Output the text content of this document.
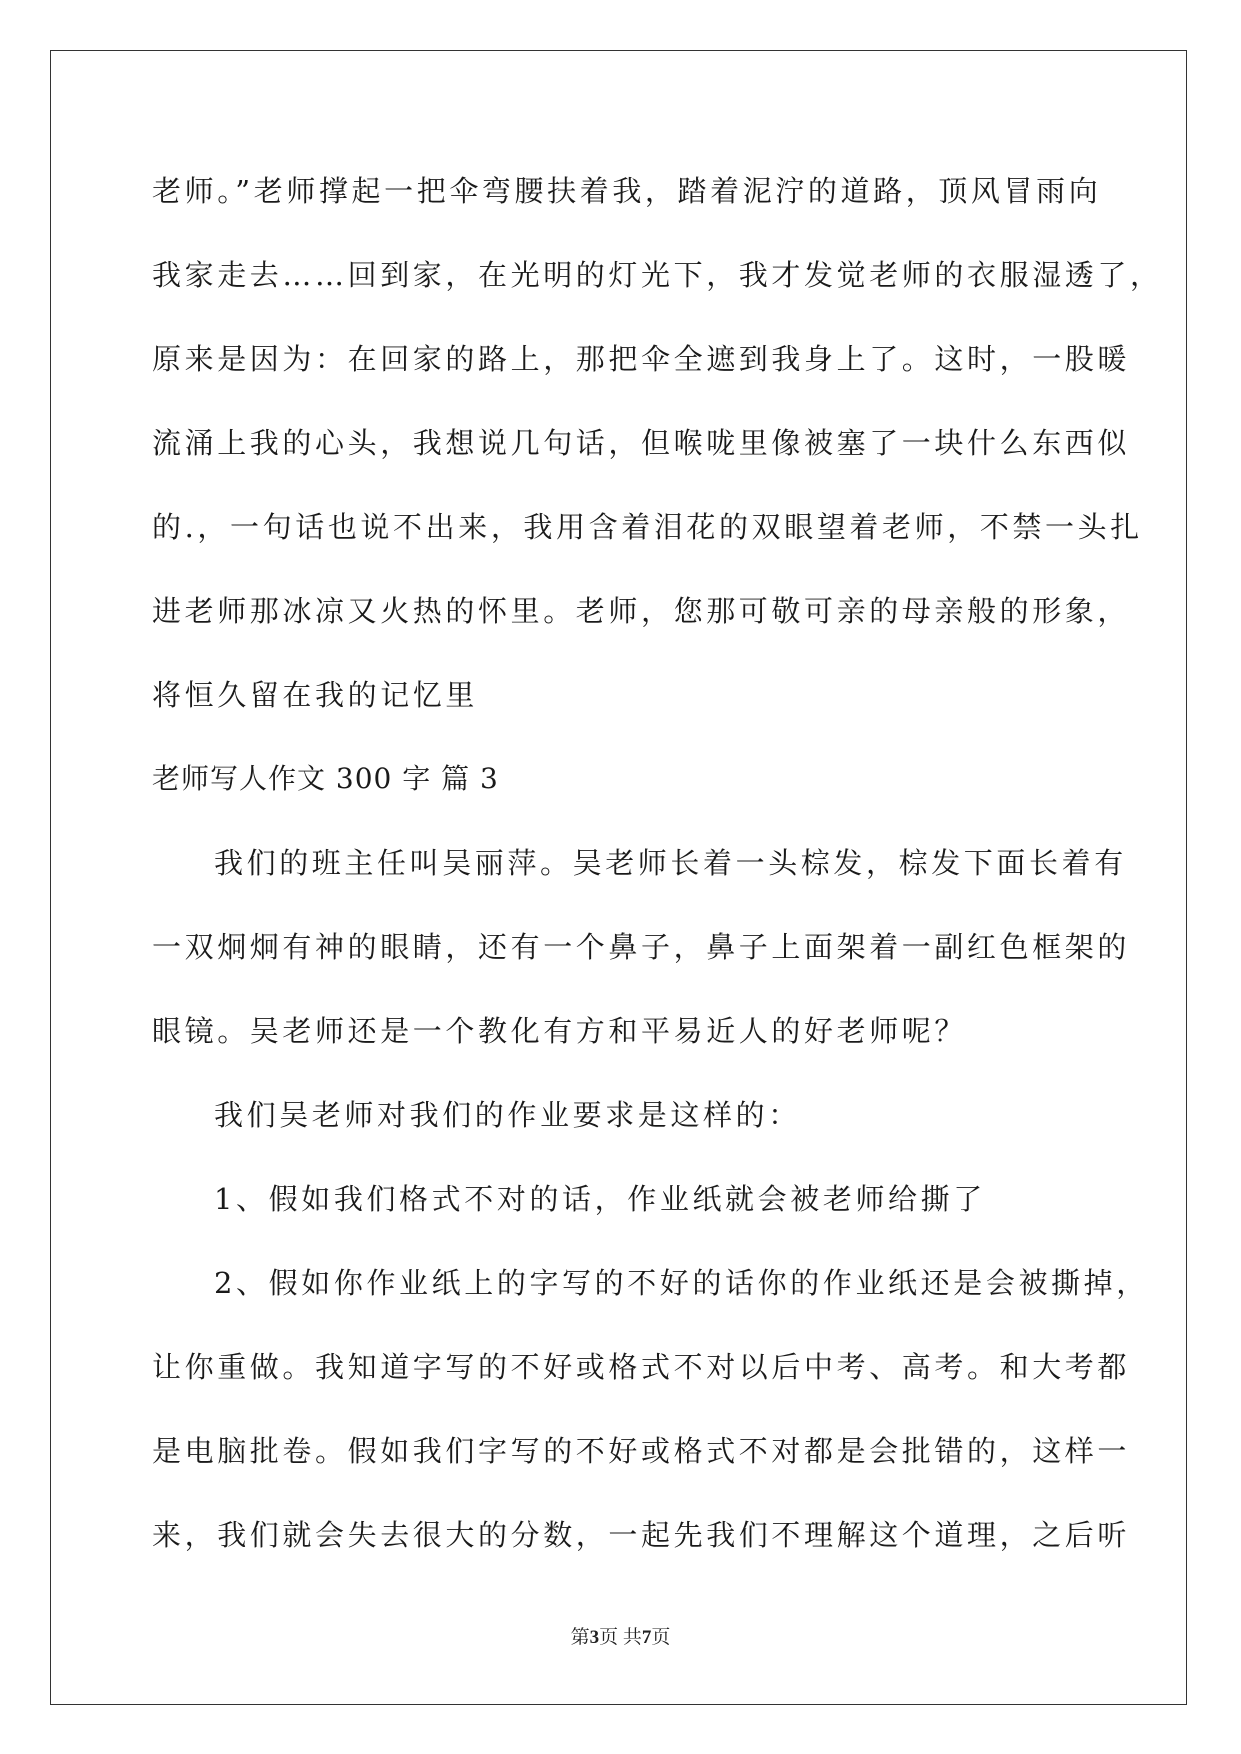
老师。”老师撑起一把伞弯腰扶着我，踏着泥泞的道路，顶风冒雨向
我家走去……回到家，在光明的灯光下，我才发觉老师的衣服湿透了，
原来是因为：在回家的路上，那把伞全遮到我身上了。这时，一股暖
流涌上我的心头，我想说几句话，但喉咙里像被塞了一块什么东西似
的.，一句话也说不出来，我用含着泪花的双眼望着老师，不禁一头扎
进老师那冰凉又火热的怀里。老师，您那可敬可亲的母亲般的形象，
将恒久留在我的记忆里
老师写人作文 300 字 篇 3
我们的班主任叫吴丽萍。吴老师长着一头棕发，棕发下面长着有
一双炯炯有神的眼睛，还有一个鼻子，鼻子上面架着一副红色框架的
眼镜。吴老师还是一个教化有方和平易近人的好老师呢？
我们吴老师对我们的作业要求是这样的：
1、假如我们格式不对的话，作业纸就会被老师给撕了
2、假如你作业纸上的字写的不好的话你的作业纸还是会被撕掉，
让你重做。我知道字写的不好或格式不对以后中考、高考。和大考都
是电脑批卷。假如我们字写的不好或格式不对都是会批错的，这样一
来，我们就会失去很大的分数，一起先我们不理解这个道理，之后听
第3页 共7页
